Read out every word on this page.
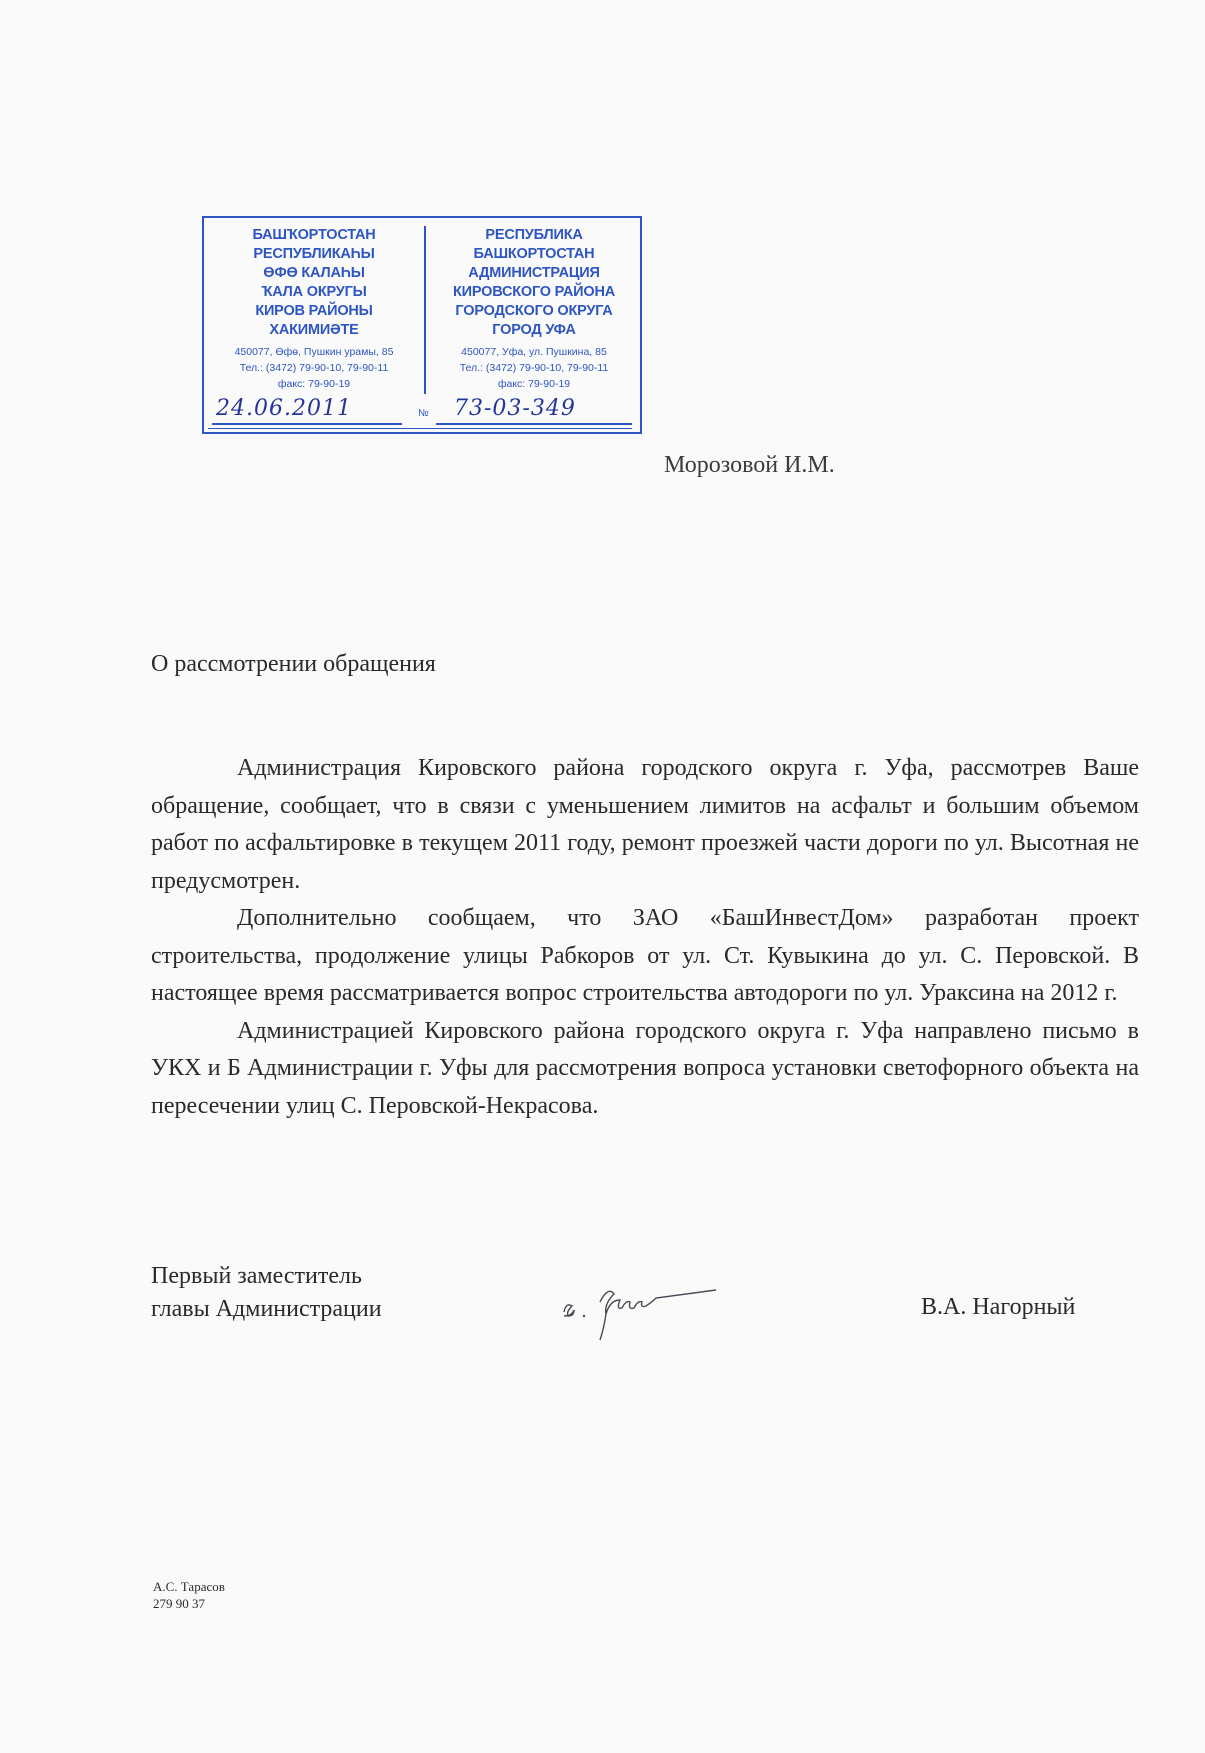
БАШҠОРТОСТАН
РЕСПУБЛИКАҺЫ
ӨФӨ КАЛАҺЫ
ҠАЛА ОКРУГЫ
КИРОВ РАЙОНЫ
ХАКИМИӘТЕ
450077, Өфө, Пушкин урамы, 85
Тел.: (3472) 79-90-10, 79-90-11
факс: 79-90-19
РЕСПУБЛИКА
БАШКОРТОСТАН
АДМИНИСТРАЦИЯ
КИРОВСКОГО РАЙОНА
ГОРОДСКОГО ОКРУГА
ГОРОД УФА
450077, Уфа, ул. Пушкина, 85
Тел.: (3472) 79-90-10, 79-90-11
факс: 79-90-19
24.06.2011	№ 73-03-349
Морозовой И.М.
О рассмотрении обращения

Администрация Кировского района городского округа г. Уфа, рассмотрев Ваше обращение, сообщает, что в связи с уменьшением лимитов на асфальт и большим объемом работ по асфальтировке в текущем 2011 году, ремонт проезжей части дороги по ул. Высотная не предусмотрен.

Дополнительно сообщаем, что ЗАО «БашИнвестДом» разработан проект строительства, продолжение улицы Рабкоров от ул. Ст. Кувыкина до ул. С. Перовской. В настоящее время рассматривается вопрос строительства автодороги по ул. Ураксина на 2012 г.

Администрацией Кировского района городского округа г. Уфа направлено письмо в УКХ и Б Администрации г. Уфы для рассмотрения вопроса установки светофорного объекта на пересечении улиц С. Перовской-Некрасова.

Первый заместитель
главы Администрации	В.А. Нагорный
А.С. Тарасов
279 90 37
